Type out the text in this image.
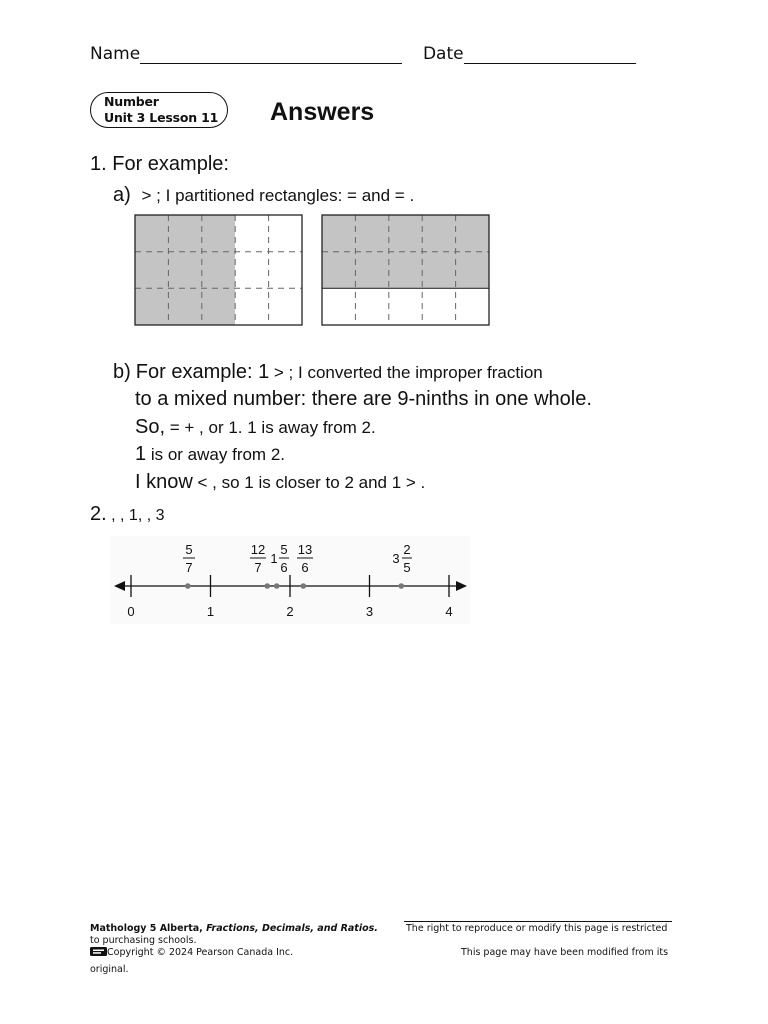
Name	Date
Number
Unit 3 Lesson 11	Answers
1. For example:
a) > ; I partitioned rectangles: = and = .
b) For example: 1 > ; I converted the improper fraction
to a mixed number: there are 9-ninths in one whole.
So, = + , or 1. 1 is away from 2.
1 is or away from 2.
I know < , so 1 is closer to 2 and 1 > .
2. , , 1, , 3
0	1	2	3	4
5
7
12
7
1
5
6
13
6
3
2
5
Mathology 5 Alberta, Fractions, Decimals, and Ratios.	The right to reproduce or modify this page is restricted
to purchasing schools.
Copyright © 2024 Pearson Canada Inc.	This page may have been modified from its
original.
